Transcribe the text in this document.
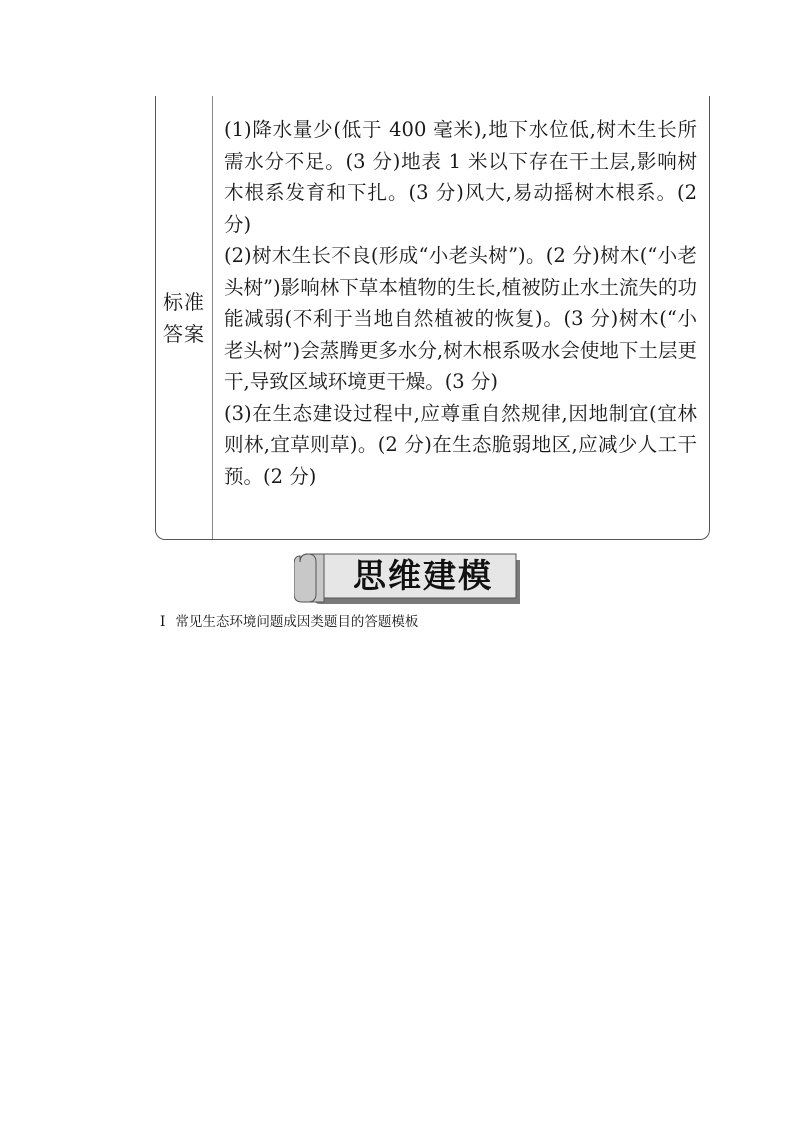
标准答案

(1)降水量少(低于 400 毫米),地下水位低,树木生长所需水分不足。(3 分)地表 1 米以下存在干土层,影响树木根系发育和下扎。(3 分)风大,易动摇树木根系。(2 分)

(2)树木生长不良(形成“小老头树”)。(2 分)树木(“小老头树”)影响林下草本植物的生长,植被防止水土流失的功能减弱(不利于当地自然植被的恢复)。(3 分)树木(“小老头树”)会蒸腾更多水分,树木根系吸水会使地下土层更干,导致区域环境更干燥。(3 分)

(3)在生态建设过程中,应尊重自然规律,因地制宜(宜林则林,宜草则草)。(2 分)在生态脆弱地区,应减少人工干预。(2 分)

思维建模
Ⅰ 常见生态环境问题成因类题目的答题模板
